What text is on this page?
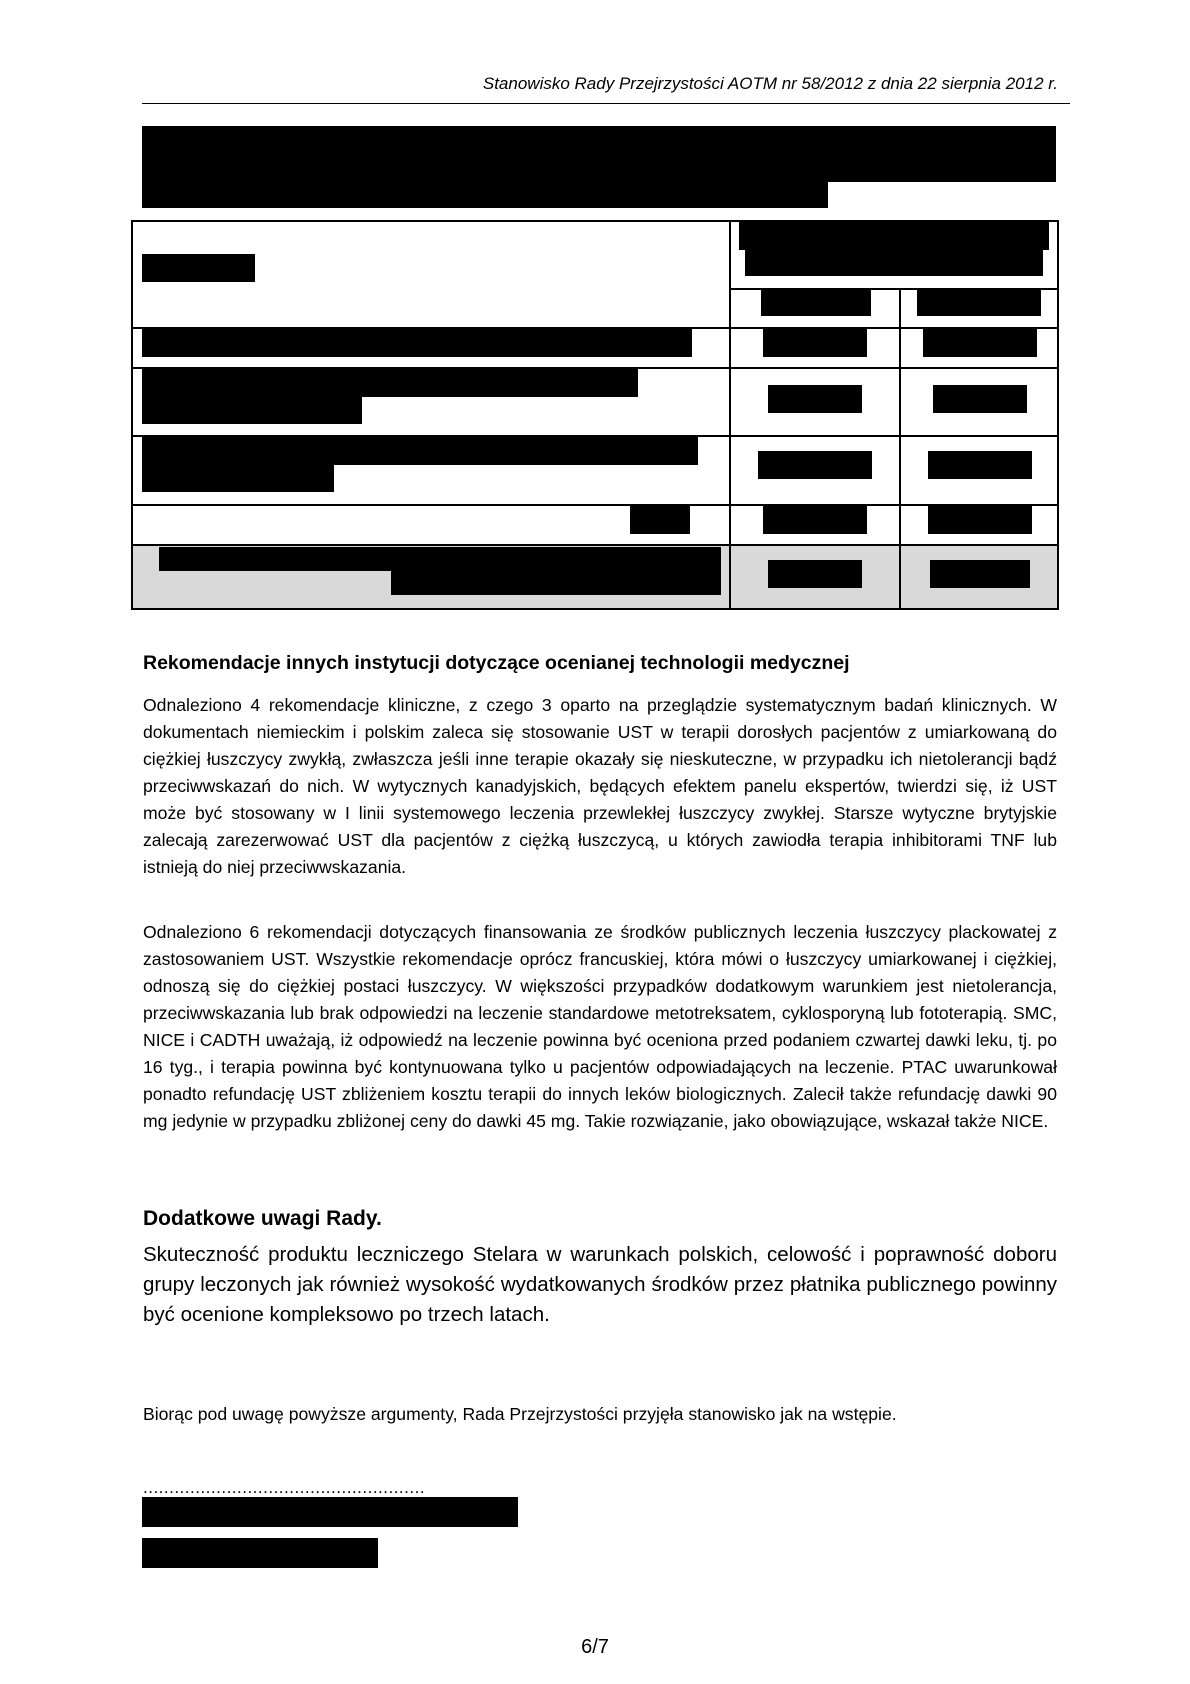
Stanowisko Rady Przejrzystości AOTM nr 58/2012 z dnia 22 sierpnia 2012 r.
Rekomendacje innych instytucji dotyczące ocenianej technologii medycznej

Odnaleziono 4 rekomendacje kliniczne, z czego 3 oparto na przeglądzie systematycznym badań klinicznych. W dokumentach niemieckim i polskim zaleca się stosowanie UST w terapii dorosłych pacjentów z umiarkowaną do ciężkiej łuszczycy zwykłą, zwłaszcza jeśli inne terapie okazały się nieskuteczne, w przypadku ich nietolerancji bądź przeciwwskazań do nich. W wytycznych kanadyjskich, będących efektem panelu ekspertów, twierdzi się, iż UST może być stosowany w I linii systemowego leczenia przewlekłej łuszczycy zwykłej. Starsze wytyczne brytyjskie zalecają zarezerwować UST dla pacjentów z ciężką łuszczycą, u których zawiodła terapia inhibitorami TNF lub istnieją do niej przeciwwskazania.

Odnaleziono 6 rekomendacji dotyczących finansowania ze środków publicznych leczenia łuszczycy plackowatej z zastosowaniem UST. Wszystkie rekomendacje oprócz francuskiej, która mówi o łuszczycy umiarkowanej i ciężkiej, odnoszą się do ciężkiej postaci łuszczycy. W większości przypadków dodatkowym warunkiem jest nietolerancja, przeciwwskazania lub brak odpowiedzi na leczenie standardowe metotreksatem, cyklosporyną lub fototerapią. SMC, NICE i CADTH uważają, iż odpowiedź na leczenie powinna być oceniona przed podaniem czwartej dawki leku, tj. po 16 tyg., i terapia powinna być kontynuowana tylko u pacjentów odpowiadających na leczenie. PTAC uwarunkował ponadto refundację UST zbliżeniem kosztu terapii do innych leków biologicznych. Zalecił także refundację dawki 90 mg jedynie w przypadku zbliżonej ceny do dawki 45 mg. Takie rozwiązanie, jako obowiązujące, wskazał także NICE.

Dodatkowe uwagi Rady.

Skuteczność produktu leczniczego Stelara w warunkach polskich, celowość i poprawność doboru grupy leczonych jak również wysokość wydatkowanych środków przez płatnika publicznego powinny być ocenione kompleksowo po trzech latach.

Biorąc pod uwagę powyższe argumenty, Rada Przejrzystości przyjęła stanowisko jak na wstępie.
......................................................
6/7
